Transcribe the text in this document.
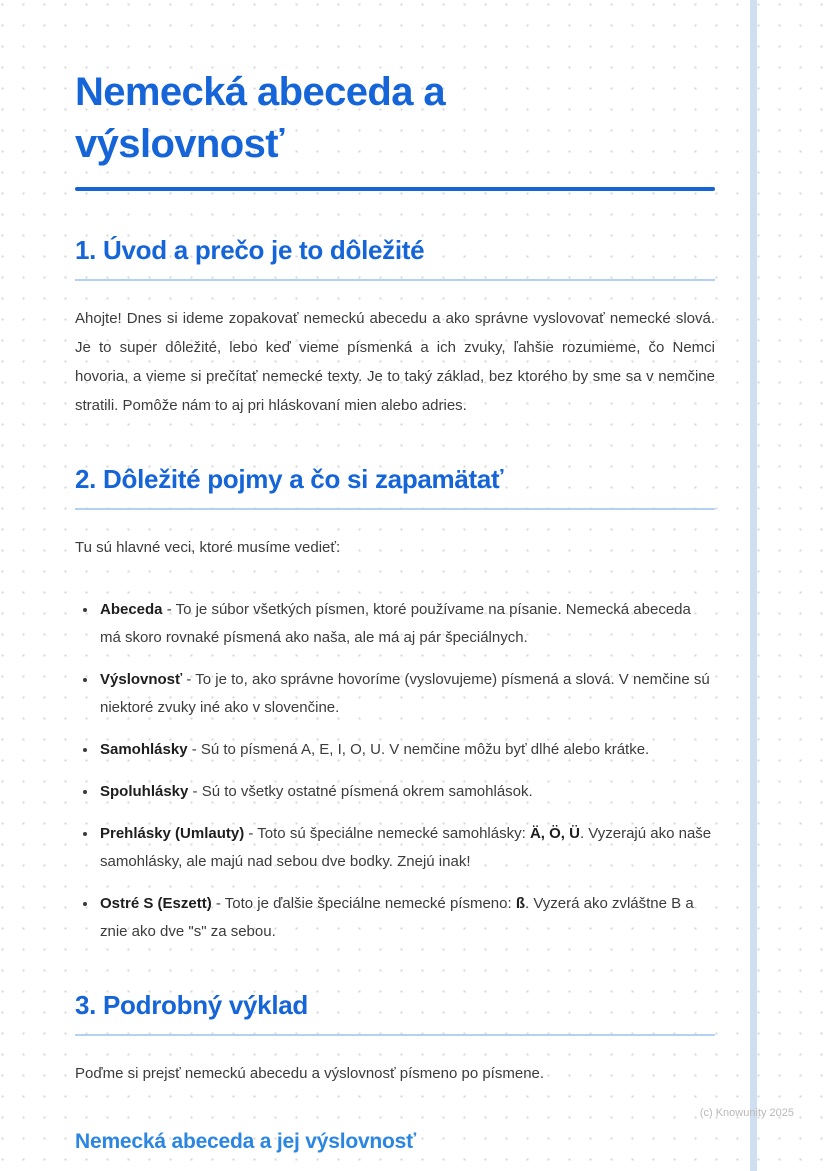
Nemecká abeceda a výslovnosť
1. Úvod a prečo je to dôležité

Ahojte! Dnes si ideme zopakovať nemeckú abecedu a ako správne vyslovovať nemecké slová. Je to super dôležité, lebo keď vieme písmenká a ich zvuky, ľahšie rozumieme, čo Nemci hovoria, a vieme si prečítať nemecké texty. Je to taký základ, bez ktorého by sme sa v nemčine stratili. Pomôže nám to aj pri hláskovaní mien alebo adries.

2. Dôležité pojmy a čo si zapamätať

Tu sú hlavné veci, ktoré musíme vedieť:

• Abeceda - To je súbor všetkých písmen, ktoré používame na písanie. Nemecká abeceda má skoro rovnaké písmená ako naša, ale má aj pár špeciálnych.
• Výslovnosť - To je to, ako správne hovoríme (vyslovujeme) písmená a slová. V nemčine sú niektoré zvuky iné ako v slovenčine.
• Samohlásky - Sú to písmená A, E, I, O, U. V nemčine môžu byť dlhé alebo krátke.
• Spoluhlásky - Sú to všetky ostatné písmená okrem samohlások.
• Prehlásky (Umlauty) - Toto sú špeciálne nemecké samohlásky: Ä, Ö, Ü. Vyzerajú ako naše samohlásky, ale majú nad sebou dve bodky. Znejú inak!
• Ostré S (Eszett) - Toto je ďalšie špeciálne nemecké písmeno: ß. Vyzerá ako zvláštne B a znie ako dve "s" za sebou.
3. Podrobný výklad

Poďme si prejsť nemeckú abecedu a výslovnosť písmeno po písmene.

Nemecká abeceda a jej výslovnosť
(c) Knowunity 2025
